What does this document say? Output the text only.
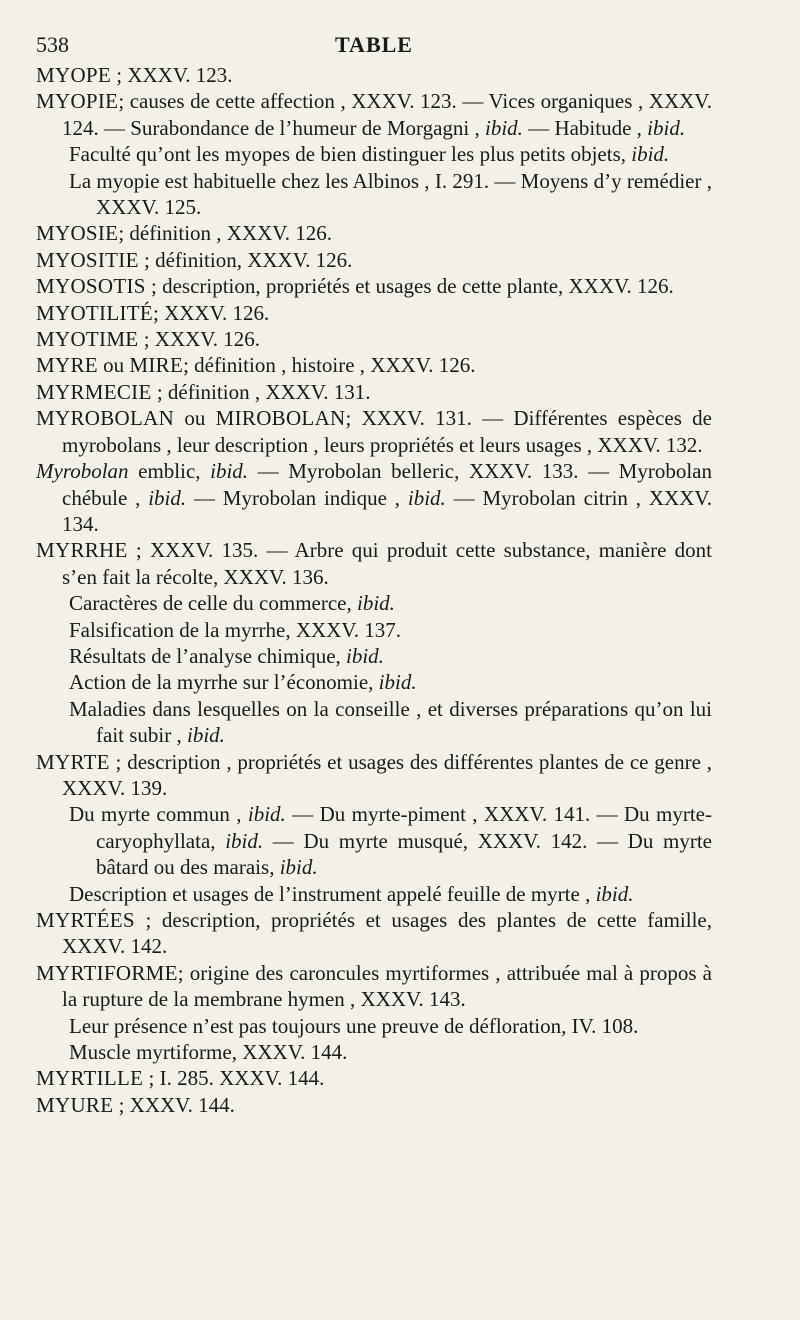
538	TABLE

MYOPE ; XXXV. 123.

MYOPIE; causes de cette affection , XXXV. 123. — Vices organiques , XXXV. 124. — Surabondance de l’humeur de Morgagni , ibid. — Habitude , ibid.

Faculté qu’ont les myopes de bien distinguer les plus petits objets, ibid.

La myopie est habituelle chez les Albinos , I. 291. — Moyens d’y remédier , XXXV. 125.

MYOSIE; définition , XXXV. 126.

MYOSITIE ; définition, XXXV. 126.

MYOSOTIS ; description, propriétés et usages de cette plante, XXXV. 126.

MYOTILITÉ; XXXV. 126.

MYOTIME ; XXXV. 126.

MYRE ou MIRE; définition , histoire , XXXV. 126.

MYRMECIE ; définition , XXXV. 131.

MYROBOLAN ou MIROBOLAN; XXXV. 131. — Différentes espèces de myrobolans , leur description , leurs propriétés et leurs usages , XXXV. 132.

Myrobolan emblic, ibid. — Myrobolan belleric, XXXV. 133. — Myrobolan chébule , ibid. — Myrobolan indique , ibid. — Myrobolan citrin , XXXV. 134.

MYRRHE ; XXXV. 135. — Arbre qui produit cette substance, manière dont s’en fait la récolte, XXXV. 136.

Caractères de celle du commerce, ibid.

Falsification de la myrrhe, XXXV. 137.

Résultats de l’analyse chimique, ibid.

Action de la myrrhe sur l’économie, ibid.

Maladies dans lesquelles on la conseille , et diverses préparations qu’on lui fait subir , ibid.

MYRTE ; description , propriétés et usages des différentes plantes de ce genre , XXXV. 139.

Du myrte commun , ibid. — Du myrte-piment , XXXV. 141. — Du myrte-caryophyllata, ibid. — Du myrte musqué, XXXV. 142. — Du myrte bâtard ou des marais, ibid.

Description et usages de l’instrument appelé feuille de myrte , ibid.

MYRTÉES ; description, propriétés et usages des plantes de cette famille, XXXV. 142.

MYRTIFORME; origine des caroncules myrtiformes , attribuée mal à propos à la rupture de la membrane hymen , XXXV. 143.

Leur présence n’est pas toujours une preuve de défloration, IV. 108.

Muscle myrtiforme, XXXV. 144.

MYRTILLE ; I. 285. XXXV. 144.

MYURE ; XXXV. 144.
